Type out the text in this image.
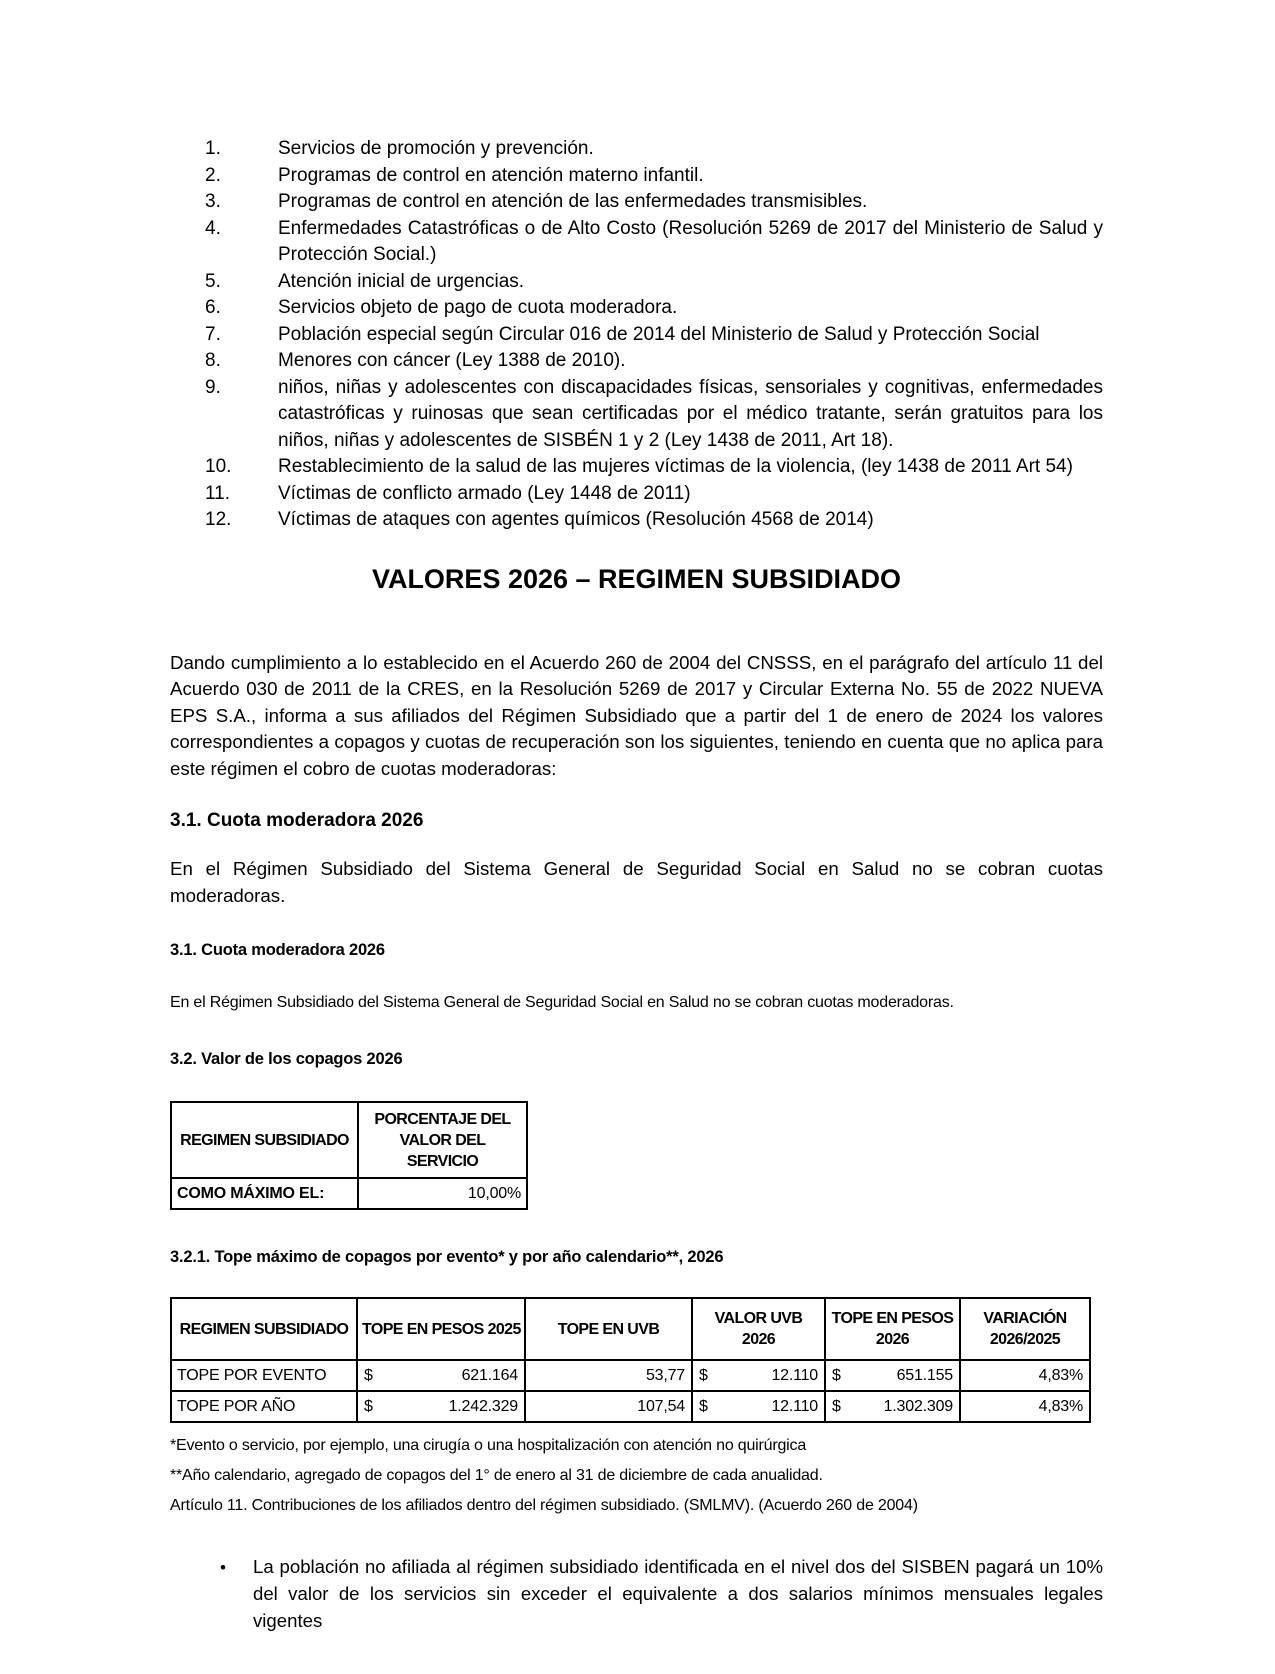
1.	Servicios de promoción y prevención.
2.	Programas de control en atención materno infantil.
3.	Programas de control en atención de las enfermedades transmisibles.
4.	Enfermedades Catastróficas o de Alto Costo (Resolución 5269 de 2017 del Ministerio de Salud y Protección Social.)
5.	Atención inicial de urgencias.
6.	Servicios objeto de pago de cuota moderadora.
7.	Población especial según Circular 016 de 2014 del Ministerio de Salud y Protección Social
8.	Menores con cáncer (Ley 1388 de 2010).
9.	niños, niñas y adolescentes con discapacidades físicas, sensoriales y cognitivas, enfermedades catastróficas y ruinosas que sean certificadas por el médico tratante, serán gratuitos para los niños, niñas y adolescentes de SISBÉN 1 y 2 (Ley 1438 de 2011, Art 18).
10.	Restablecimiento de la salud de las mujeres víctimas de la violencia, (ley 1438 de 2011 Art 54)
11.	Víctimas de conflicto armado (Ley 1448 de 2011)
12.	Víctimas de ataques con agentes químicos (Resolución 4568 de 2014)
VALORES 2026 – REGIMEN SUBSIDIADO

Dando cumplimiento a lo establecido en el Acuerdo 260 de 2004 del CNSSS, en el parágrafo del artículo 11 del Acuerdo 030 de 2011 de la CRES, en la Resolución 5269 de 2017 y Circular Externa No. 55 de 2022 NUEVA EPS S.A., informa a sus afiliados del Régimen Subsidiado que a partir del 1 de enero de 2024 los valores correspondientes a copagos y cuotas de recuperación son los siguientes, teniendo en cuenta que no aplica para este régimen el cobro de cuotas moderadoras:

3.1. Cuota moderadora 2026

En el Régimen Subsidiado del Sistema General de Seguridad Social en Salud no se cobran cuotas moderadoras.

3.1. Cuota moderadora 2026

En el Régimen Subsidiado del Sistema General de Seguridad Social en Salud no se cobran cuotas moderadoras.

3.2. Valor de los copagos 2026
REGIMEN SUBSIDIADO	PORCENTAJE DEL VALOR DEL SERVICIO
COMO MÁXIMO EL:	10,00%
3.2.1. Tope máximo de copagos por evento* y por año calendario**, 2026
REGIMEN SUBSIDIADO	TOPE EN PESOS 2025	TOPE EN UVB	VALOR UVB 2026	TOPE EN PESOS 2026	VARIACIÓN 2026/2025
TOPE POR EVENTO	$ 621.164	53,77	$ 12.110	$ 651.155	4,83%
TOPE POR AÑO	$ 1.242.329	107,54	$ 12.110	$ 1.302.309	4,83%

*Evento o servicio, por ejemplo, una cirugía o una hospitalización con atención no quirúrgica

**Año calendario, agregado de copagos del 1° de enero al 31 de diciembre de cada anualidad.

Artículo 11. Contribuciones de los afiliados dentro del régimen subsidiado. (SMLMV). (Acuerdo 260 de 2004)

• La población no afiliada al régimen subsidiado identificada en el nivel dos del SISBEN pagará un 10% del valor de los servicios sin exceder el equivalente a dos salarios mínimos mensuales legales vigentes
